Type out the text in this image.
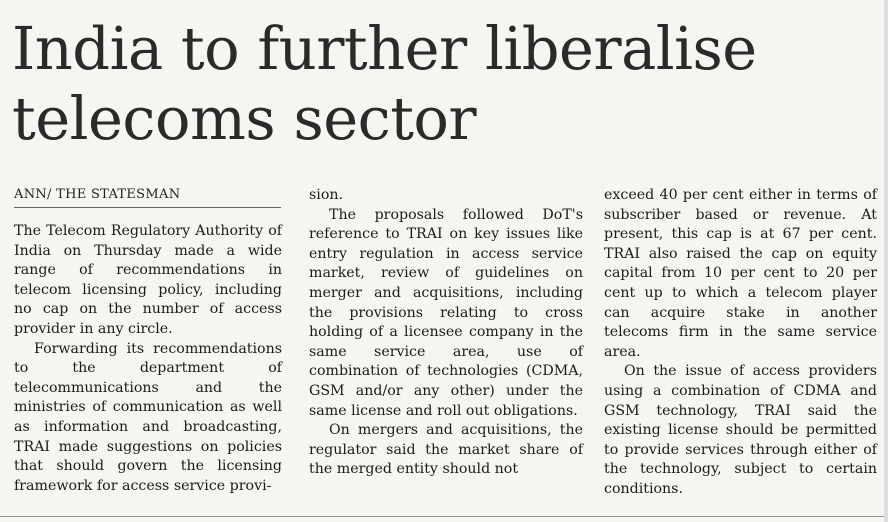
India to further liberalise
telecoms sector
ANN/ THE STATESMAN

The Telecom Regulatory Authority of India on Thursday made a wide range of recommendations in telecom licensing policy, including no cap on the number of access provider in any circle.

Forwarding its recommendations to the department of telecommunications and the ministries of communication as well as information and broadcasting, TRAI made suggestions on policies that should govern the licensing framework for access service provi-

sion.

The proposals followed DoT's reference to TRAI on key issues like entry regulation in access service market, review of guidelines on merger and acquisitions, including the provisions relating to cross holding of a licensee company in the same service area, use of combination of technologies (CDMA, GSM and/or any other) under the same license and roll out obligations.

On mergers and acquisitions, the regulator said the market share of the merged entity should not

exceed 40 per cent either in terms of subscriber based or revenue. At present, this cap is at 67 per cent. TRAI also raised the cap on equity capital from 10 per cent to 20 per cent up to which a telecom player can acquire stake in another telecoms firm in the same service area.

On the issue of access providers using a combination of CDMA and GSM technology, TRAI said the existing license should be permitted to provide services through either of the technology, subject to certain conditions.
